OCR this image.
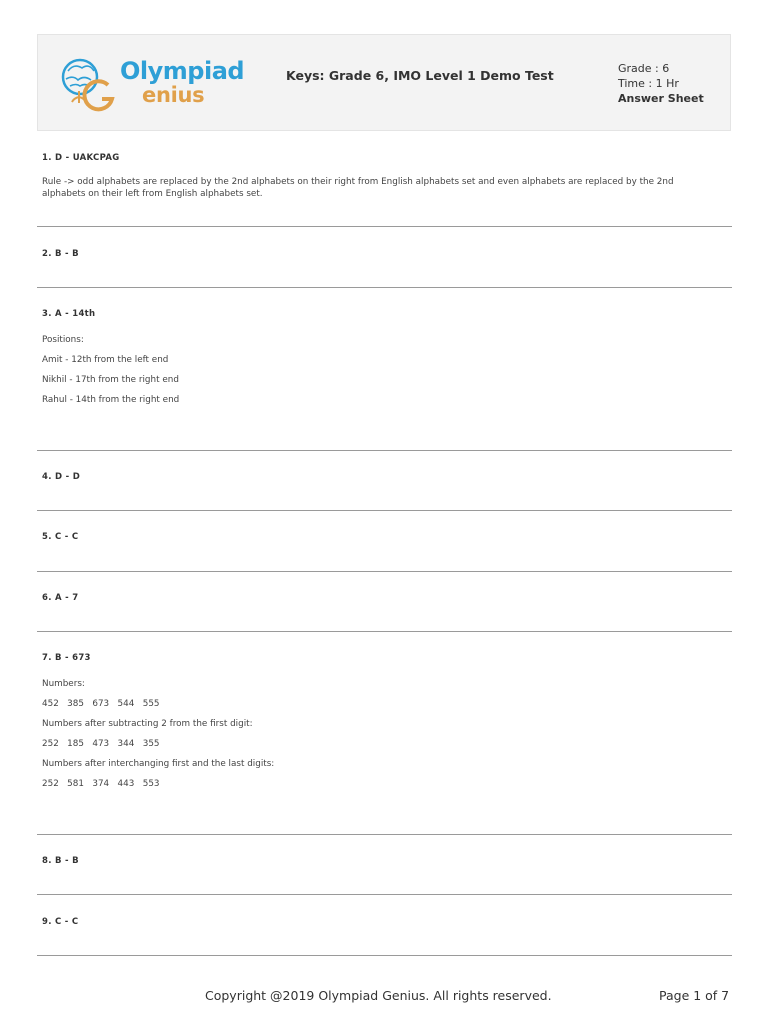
Olympiad
enius
Keys: Grade 6, IMO Level 1 Demo Test	Grade : 6
Time : 1 Hr
Answer Sheet
1. D - UAKCPAG
Rule -> odd alphabets are replaced by the 2nd alphabets on their right from English alphabets set and even alphabets are replaced by the 2nd
alphabets on their left from English alphabets set.
2. B - B
3. A - 14th
Positions:
Amit - 12th from the left end
Nikhil - 17th from the right end
Rahul - 14th from the right end
4. D - D
5. C - C
6. A - 7
7. B - 673
Numbers:
452   385   673   544   555
Numbers after subtracting 2 from the first digit:
252   185   473   344   355
Numbers after interchanging first and the last digits:
252   581   374   443   553
8. B - B
9. C - C
Copyright @2019 Olympiad Genius. All rights reserved.	Page 1 of 7
